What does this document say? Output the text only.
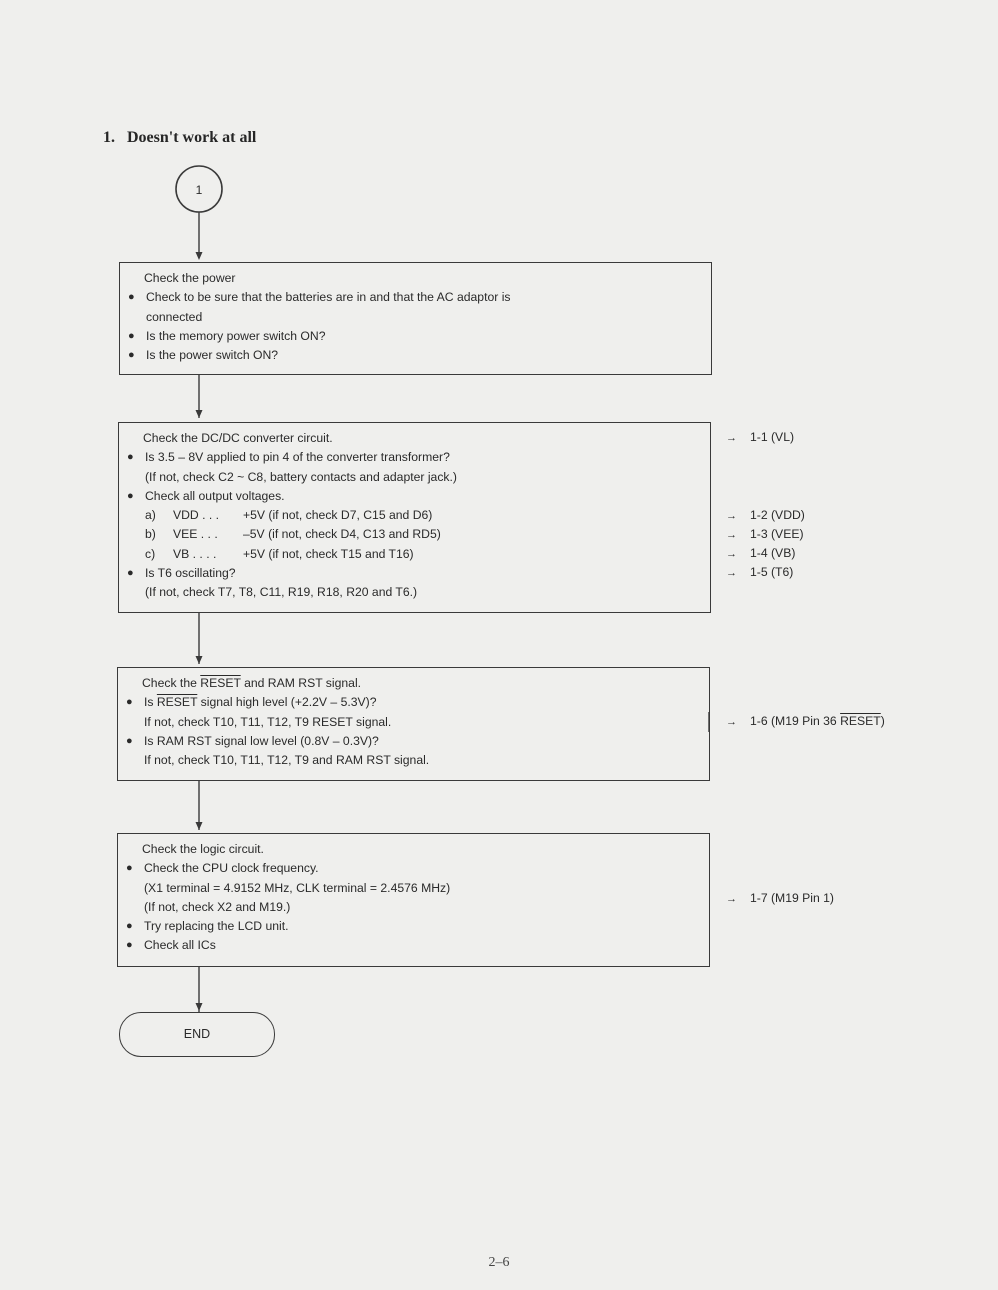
1. Doesn't work at all
1
Check the power
● Check to be sure that the batteries are in and that the AC adaptor is
connected
● Is the memory power switch ON?
● Is the power switch ON?
Check the DC/DC converter circuit.
● Is 3.5 – 8V applied to pin 4 of the converter transformer?
(If not, check C2 ~ C8, battery contacts and adapter jack.)
● Check all output voltages.
a) VDD . . . +5V (if not, check D7, C15 and D6)
b) VEE . . . –5V (if not, check D4, C13 and RD5)
c) VB . . . . +5V (if not, check T15 and T16)
● Is T6 oscillating?
(If not, check T7, T8, C11, R19, R18, R20 and T6.)
Check the RESET and RAM RST signal.
● Is RESET signal high level (+2.2V – 5.3V)?
If not, check T10, T11, T12, T9 RESET signal.
● Is RAM RST signal low level (0.8V – 0.3V)?
If not, check T10, T11, T12, T9 and RAM RST signal.
Check the logic circuit.
● Check the CPU clock frequency.
(X1 terminal = 4.9152 MHz, CLK terminal = 2.4576 MHz)
(If not, check X2 and M19.)
● Try replacing the LCD unit.
● Check all ICs
→ 1-1 (VL)
→ 1-2 (VDD)
→ 1-3 (VEE)
→ 1-4 (VB)
→ 1-5 (T6)
→ 1-6 (M19 Pin 36 RESET)
→ 1-7 (M19 Pin 1)
END
2–6
